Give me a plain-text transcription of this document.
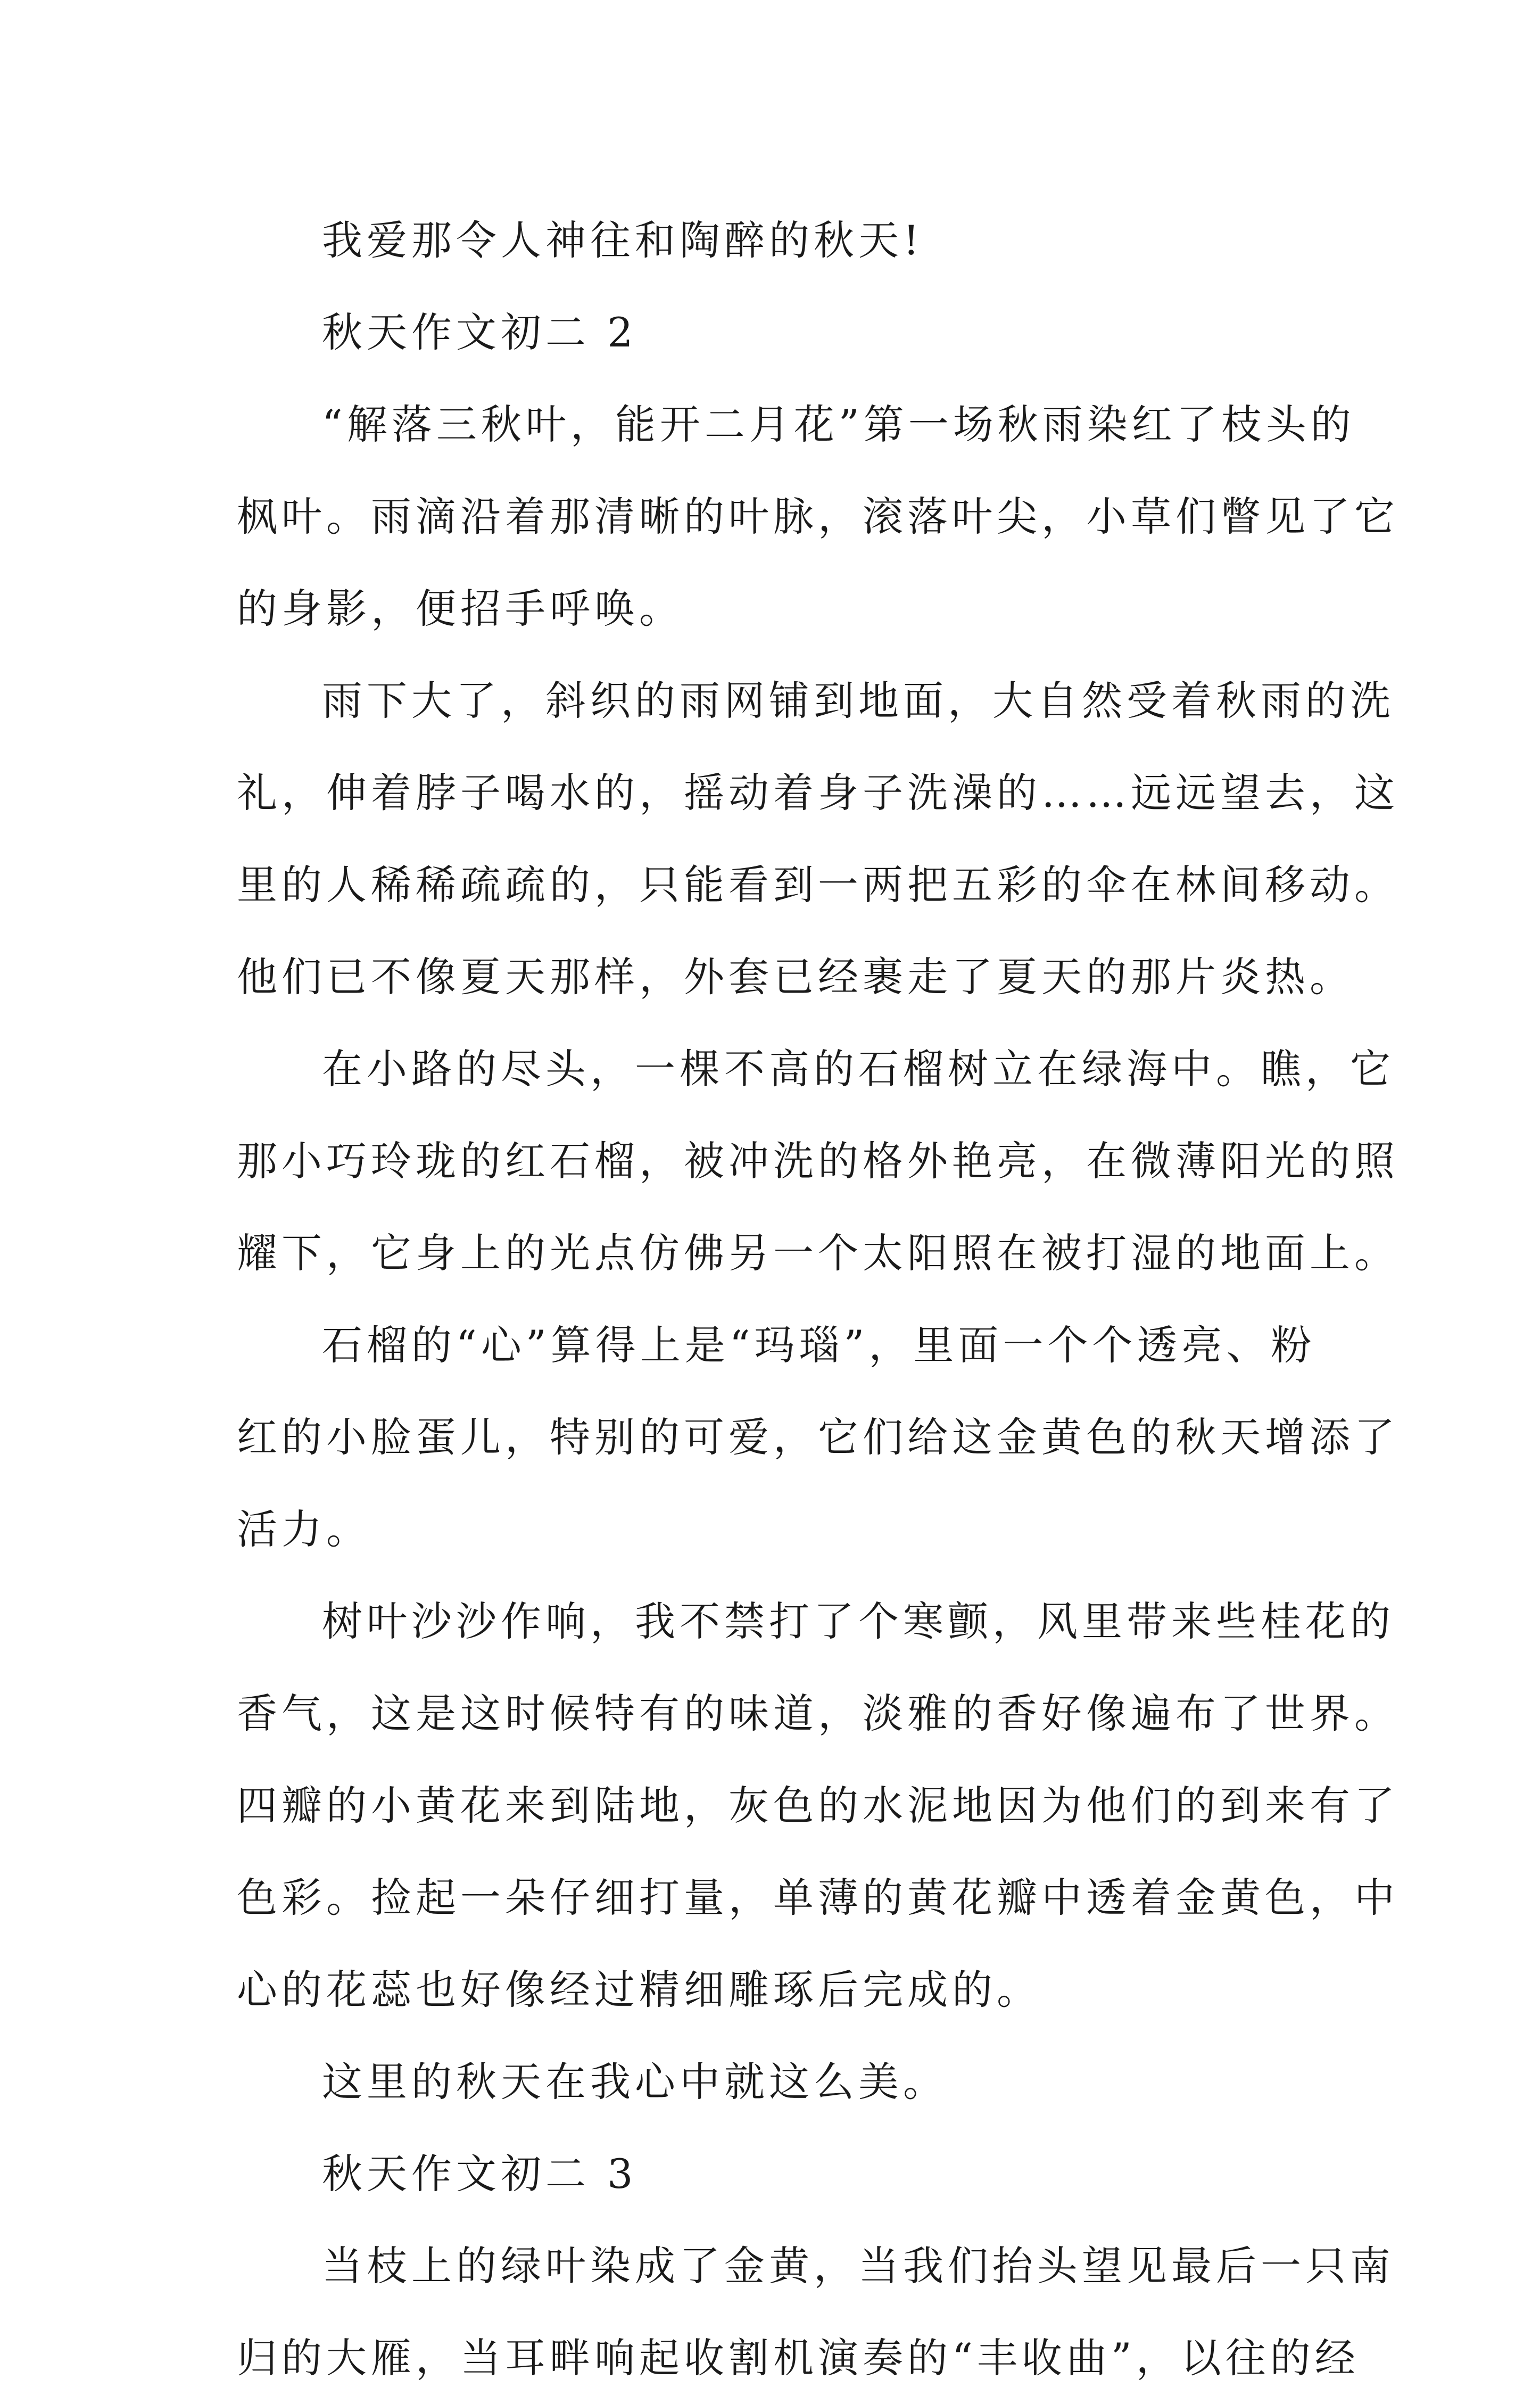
我爱那令人神往和陶醉的秋天!
秋天作文初二 2
“解落三秋叶，能开二月花”第一场秋雨染红了枝头的
枫叶。雨滴沿着那清晰的叶脉，滚落叶尖，小草们瞥见了它
的身影，便招手呼唤。
雨下大了，斜织的雨网铺到地面，大自然受着秋雨的洗
礼，伸着脖子喝水的，摇动着身子洗澡的……远远望去，这
里的人稀稀疏疏的，只能看到一两把五彩的伞在林间移动。
他们已不像夏天那样，外套已经裹走了夏天的那片炎热。
在小路的尽头，一棵不高的石榴树立在绿海中。瞧，它
那小巧玲珑的红石榴，被冲洗的格外艳亮，在微薄阳光的照
耀下，它身上的光点仿佛另一个太阳照在被打湿的地面上。
石榴的“心”算得上是“玛瑙”，里面一个个透亮、粉
红的小脸蛋儿，特别的可爱，它们给这金黄色的秋天增添了
活力。
树叶沙沙作响，我不禁打了个寒颤，风里带来些桂花的
香气，这是这时候特有的味道，淡雅的香好像遍布了世界。
四瓣的小黄花来到陆地，灰色的水泥地因为他们的到来有了
色彩。捡起一朵仔细打量，单薄的黄花瓣中透着金黄色，中
心的花蕊也好像经过精细雕琢后完成的。
这里的秋天在我心中就这么美。
秋天作文初二 3
当枝上的绿叶染成了金黄，当我们抬头望见最后一只南
归的大雁，当耳畔响起收割机演奏的“丰收曲”，以往的经
